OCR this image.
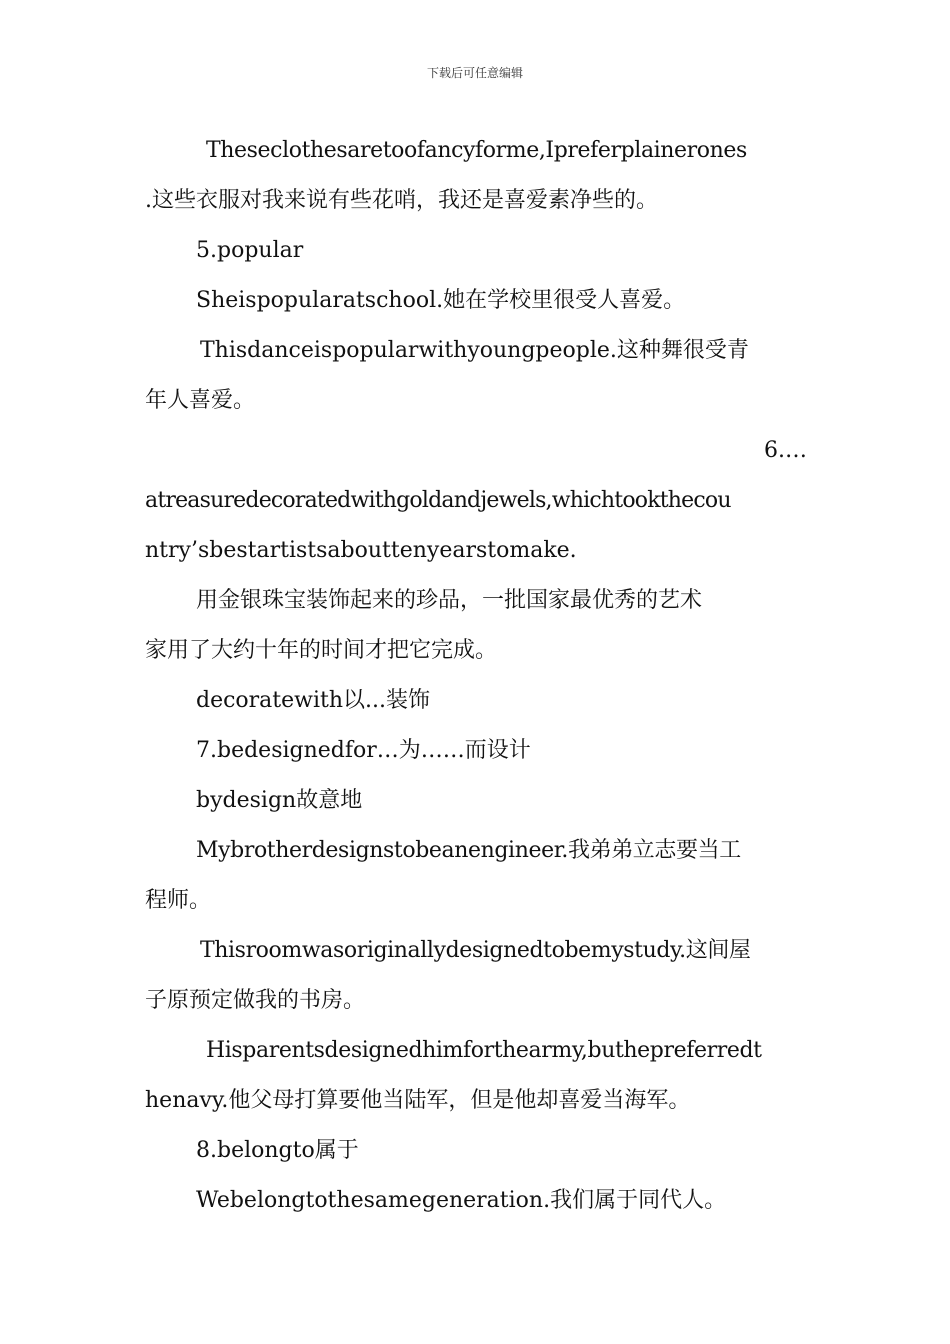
下载后可任意编辑
Theseclothesaretoofancyforme,Ipreferplainerones
.这些衣服对我来说有些花哨，我还是喜爱素净些的。
5.popular
Sheispopularatschool.她在学校里很受人喜爱。
Thisdanceispopularwithyoungpeople.这种舞很受青
年人喜爱。
6.…
atreasuredecoratedwithgoldandjewels,whichtookthecou
ntry’sbestartistsabouttenyearstomake.
用金银珠宝装饰起来的珍品，一批国家最优秀的艺术
家用了大约十年的时间才把它完成。
decoratewith以...装饰
7.bedesignedfor…为……而设计
bydesign故意地
Mybrotherdesignstobeanengineer.我弟弟立志要当工
程师。
Thisroomwasoriginallydesignedtobemystudy.这间屋
子原预定做我的书房。
Hisparentsdesignedhimforthearmy,buthepreferredt
henavy.他父母打算要他当陆军，但是他却喜爱当海军。
8.belongto属于
Webelongtothesamegeneration.我们属于同代人。
